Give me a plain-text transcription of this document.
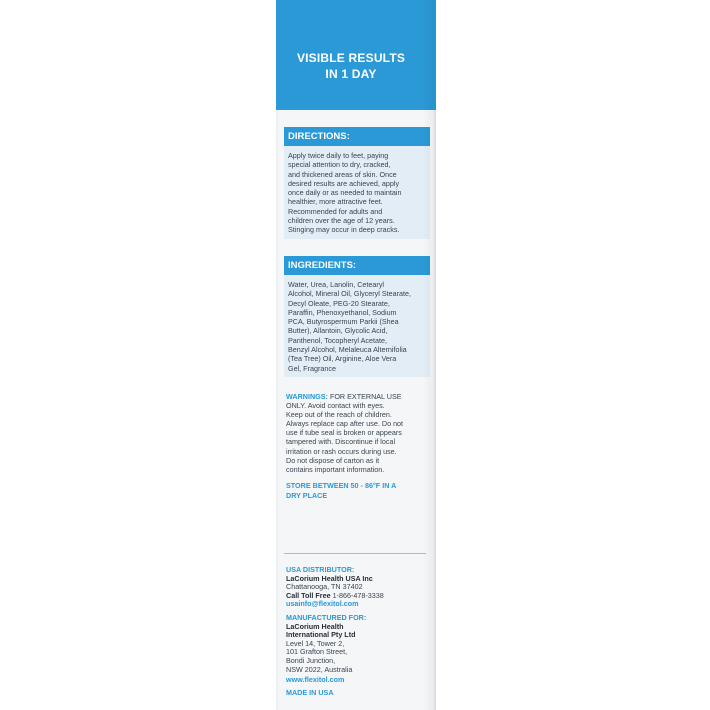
VISIBLE RESULTS
IN 1 DAY
DIRECTIONS:
Apply twice daily to feet, paying
special attention to dry, cracked,
and thickened areas of skin. Once
desired results are achieved, apply
once daily or as needed to maintain
healthier, more attractive feet.
Recommended for adults and
children over the age of 12 years.
Stinging may occur in deep cracks.
INGREDIENTS:
Water, Urea, Lanolin, Cetearyl
Alcohol, Mineral Oil, Glyceryl Stearate,
Decyl Oleate, PEG-20 Stearate,
Paraffin, Phenoxyethanol, Sodium
PCA, Butyrospermum Parkii (Shea
Butter), Allantoin, Glycolic Acid,
Panthenol, Tocopheryl Acetate,
Benzyl Alcohol, Melaleuca Alternifolia
(Tea Tree) Oil, Arginine, Aloe Vera
Gel, Fragrance
WARNINGS: FOR EXTERNAL USE
ONLY. Avoid contact with eyes.
Keep out of the reach of children.
Always replace cap after use. Do not
use if tube seal is broken or appears
tampered with. Discontinue if local
irritation or rash occurs during use.
Do not dispose of carton as it
contains important information.
STORE BETWEEN 50 - 86°F IN A
DRY PLACE
USA DISTRIBUTOR:
LaCorium Health USA Inc
Chattanooga, TN 37402
Call Toll Free 1-866-478-3338
usainfo@flexitol.com
MANUFACTURED FOR:
LaCorium Health
International Pty Ltd
Level 14, Tower 2,
101 Grafton Street,
Bondi Junction,
NSW 2022, Australia
www.flexitol.com
MADE IN USA
